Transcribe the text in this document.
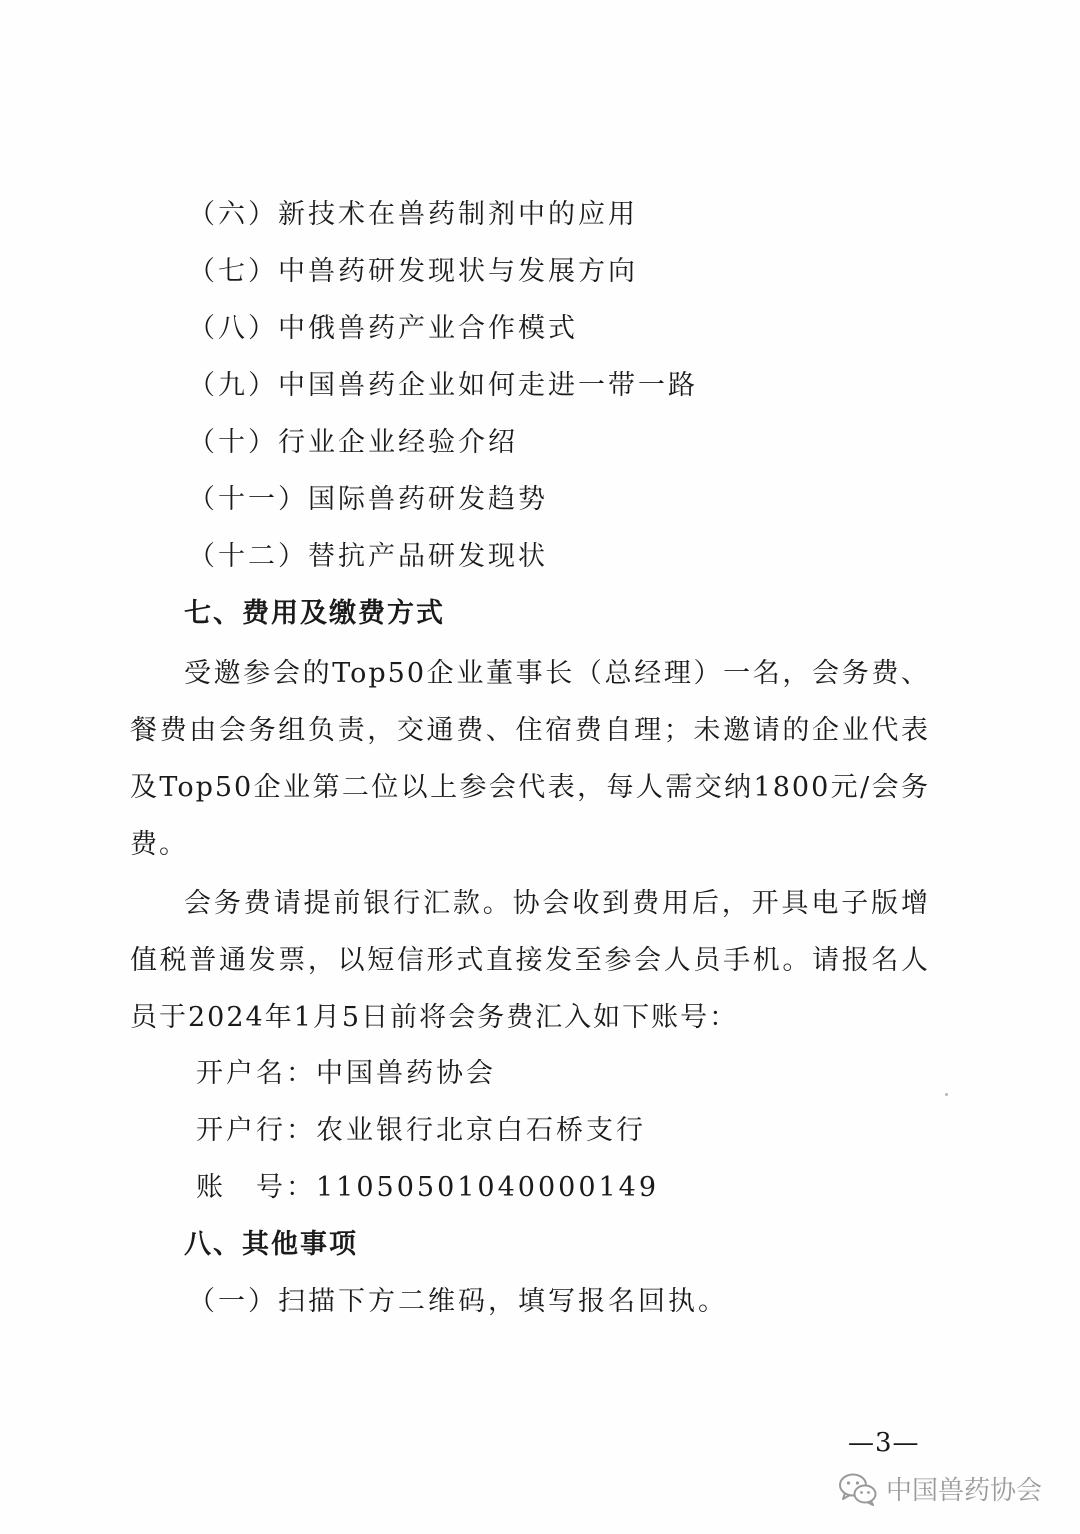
（六）新技术在兽药制剂中的应用
（七）中兽药研发现状与发展方向
（八）中俄兽药产业合作模式
（九）中国兽药企业如何走进一带一路
（十）行业企业经验介绍
（十一）国际兽药研发趋势
（十二）替抗产品研发现状
七、费用及缴费方式
受邀参会的Top50企业董事长（总经理）一名，会务费、餐费由会务组负责，交通费、住宿费自理；未邀请的企业代表及Top50企业第二位以上参会代表，每人需交纳1800元/会务费。
会务费请提前银行汇款。协会收到费用后，开具电子版增值税普通发票，以短信形式直接发至参会人员手机。请报名人员于2024年1月5日前将会务费汇入如下账号：
开户名：中国兽药协会
开户行：农业银行北京白石桥支行
账　号：11050501040000149
八、其他事项
（一）扫描下方二维码，填写报名回执。
—3—
中国兽药协会
